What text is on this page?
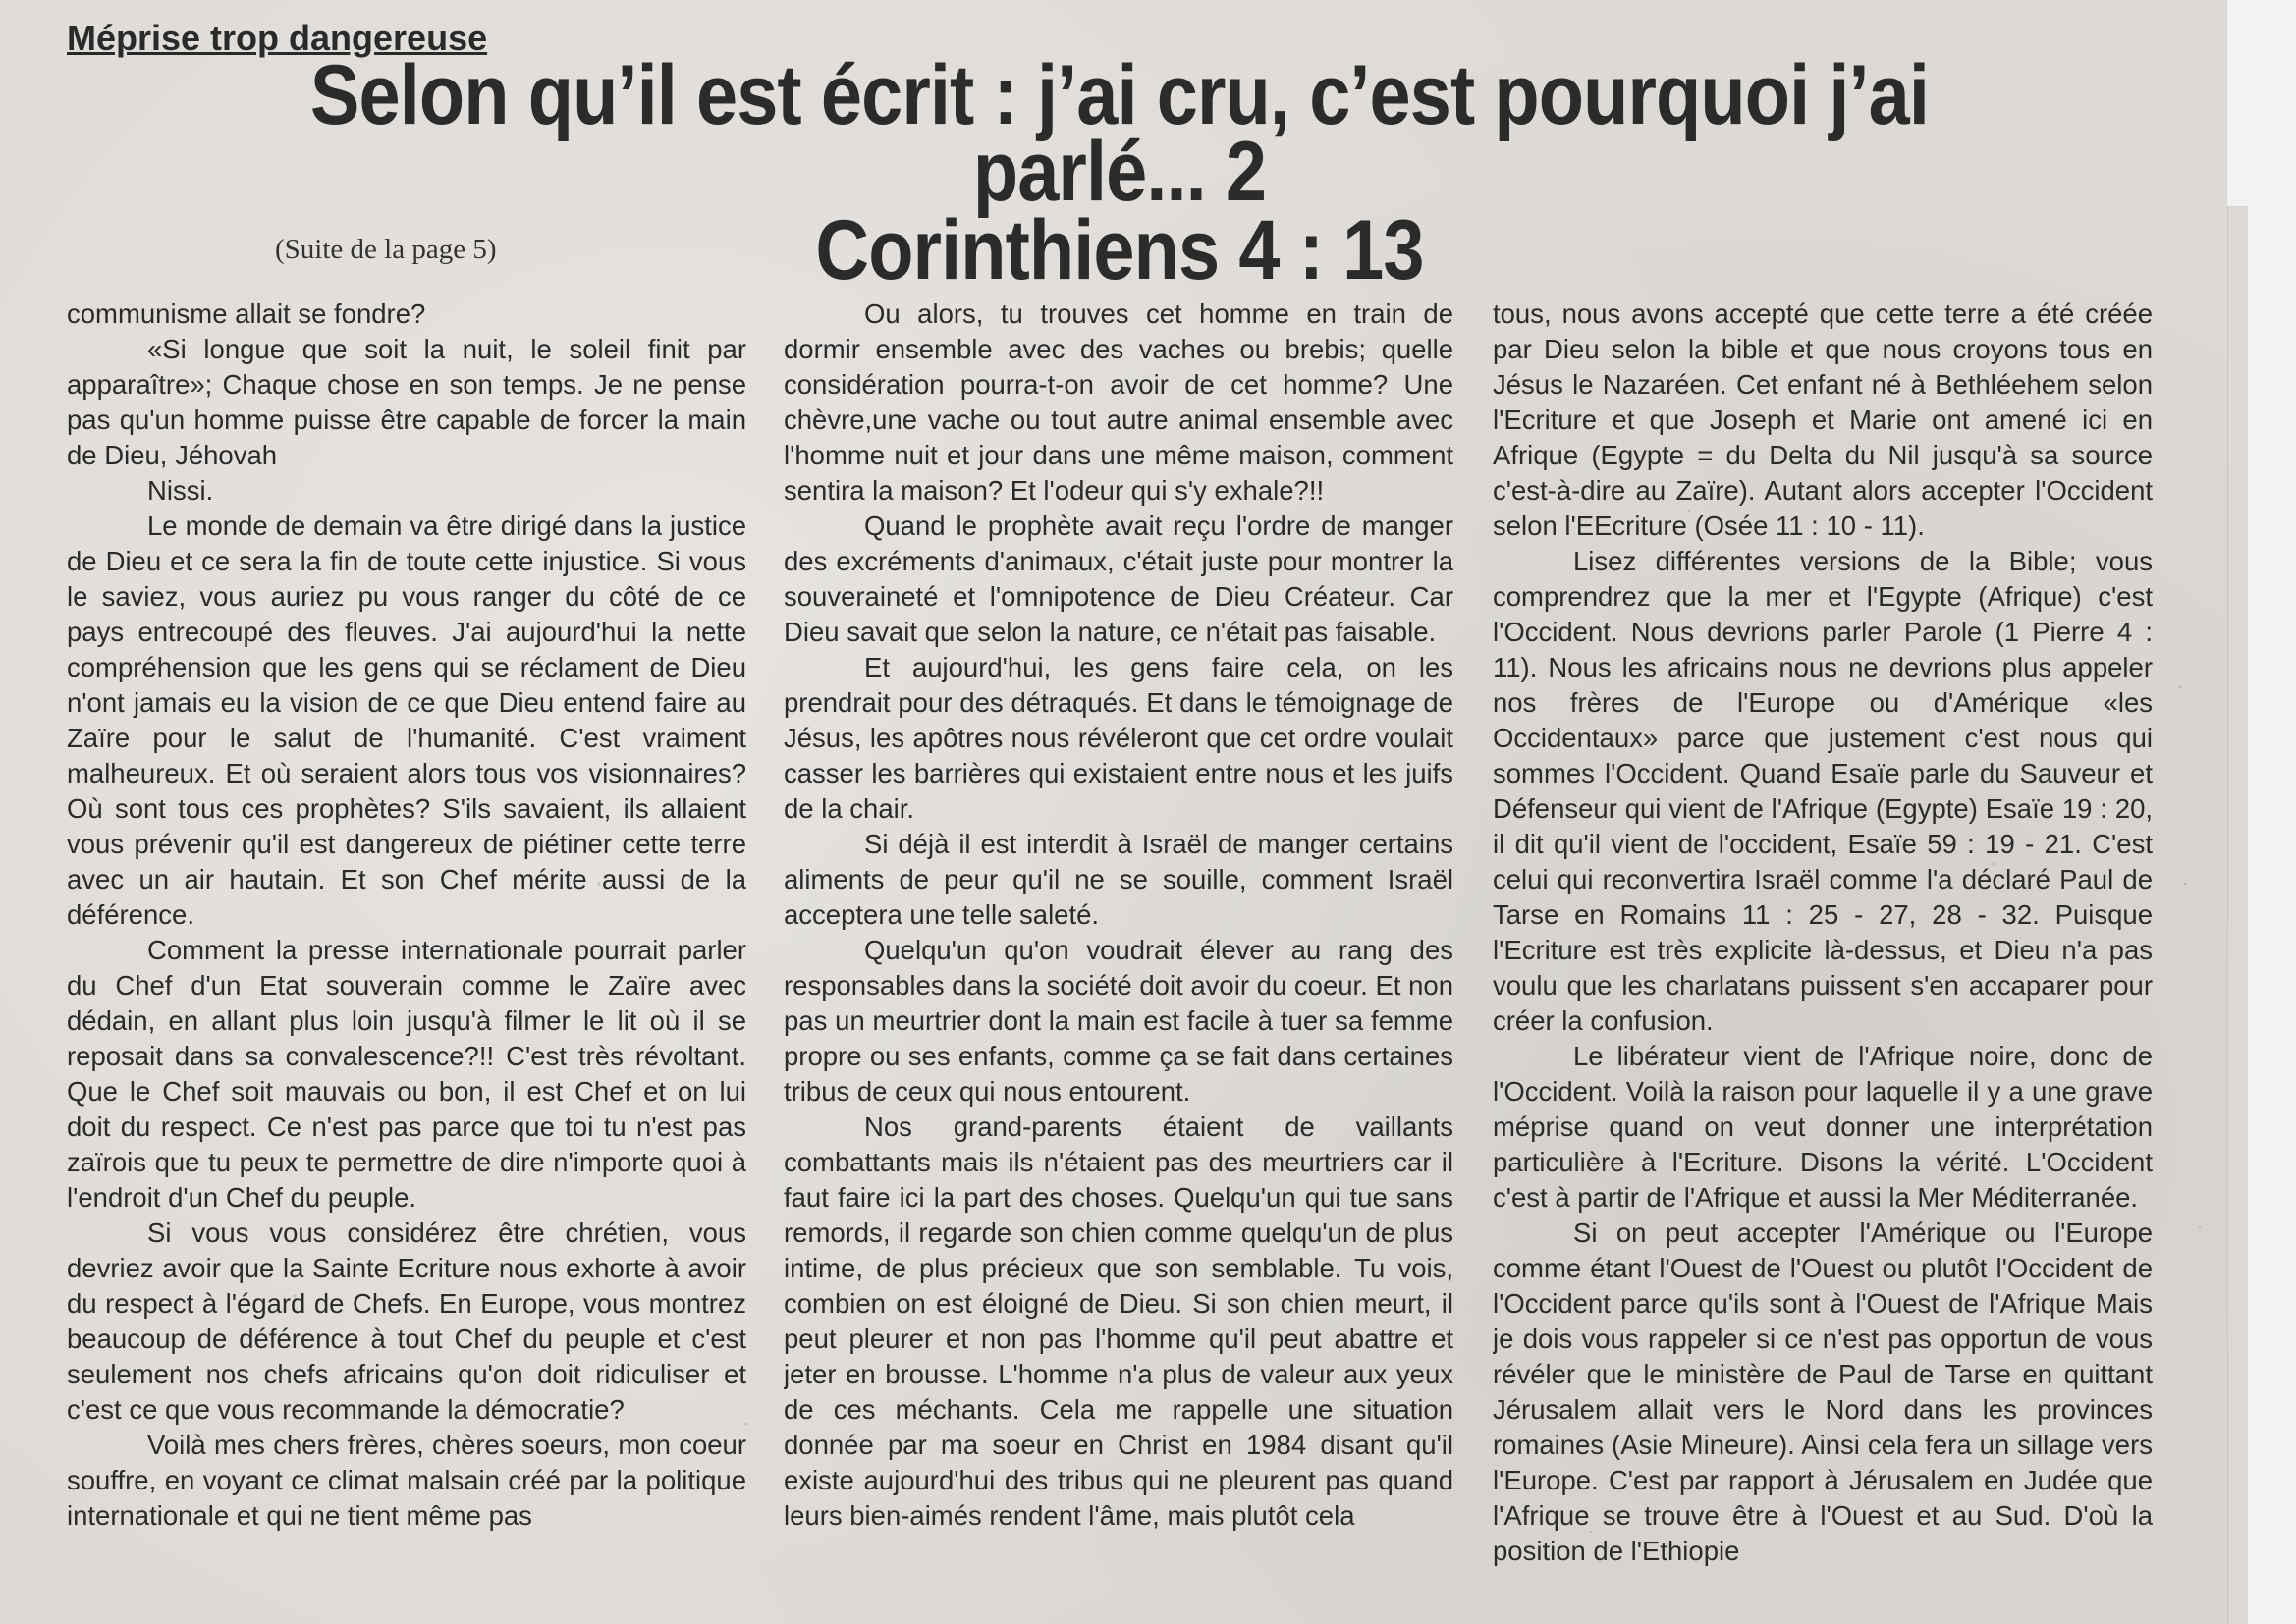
Méprise trop dangereuse
Selon qu’il est écrit : j’ai cru, c’est pourquoi j’ai parlé... 2
Corinthiens 4 : 13
(Suite de la page 5)

communisme allait se fondre?

«Si longue que soit la nuit, le soleil finit par apparaître»; Chaque chose en son temps. Je ne pense pas qu'un homme puisse être capable de forcer la main de Dieu, Jéhovah

Nissi.

Le monde de demain va être dirigé dans la justice de Dieu et ce sera la fin de toute cette injustice. Si vous le saviez, vous auriez pu vous ranger du côté de ce pays entrecoupé des fleuves. J'ai aujourd'hui la nette compréhension que les gens qui se réclament de Dieu n'ont jamais eu la vision de ce que Dieu entend faire au Zaïre pour le salut de l'humanité. C'est vraiment malheureux. Et où seraient alors tous vos visionnaires? Où sont tous ces prophètes? S'ils savaient, ils allaient vous prévenir qu'il est dangereux de piétiner cette terre avec un air hautain. Et son Chef mérite aussi de la déférence.

Comment la presse internationale pourrait parler du Chef d'un Etat souverain comme le Zaïre avec dédain, en allant plus loin jusqu'à filmer le lit où il se reposait dans sa convalescence?!! C'est très révoltant. Que le Chef soit mauvais ou bon, il est Chef et on lui doit du respect. Ce n'est pas parce que toi tu n'est pas zaïrois que tu peux te permettre de dire n'importe quoi à l'endroit d'un Chef du peuple.

Si vous vous considérez être chrétien, vous devriez avoir que la Sainte Ecriture nous exhorte à avoir du respect à l'égard de Chefs. En Europe, vous montrez beaucoup de déférence à tout Chef du peuple et c'est seulement nos chefs africains qu'on doit ridiculiser et c'est ce que vous recommande la démocratie?

Voilà mes chers frères, chères soeurs, mon coeur souffre, en voyant ce climat malsain créé par la politique internationale et qui ne tient même pas

Ou alors, tu trouves cet homme en train de dormir ensemble avec des vaches ou brebis; quelle considération pourra-t-on avoir de cet homme? Une chèvre,une vache ou tout autre animal ensemble avec l'homme nuit et jour dans une même maison, comment sentira la maison? Et l'odeur qui s'y exhale?!!

Quand le prophète avait reçu l'ordre de manger des excréments d'animaux, c'était juste pour montrer la souveraineté et l'omnipotence de Dieu Créateur. Car Dieu savait que selon la nature, ce n'était pas faisable.

Et aujourd'hui, les gens faire cela, on les prendrait pour des détraqués. Et dans le témoignage de Jésus, les apôtres nous révéleront que cet ordre voulait casser les barrières qui existaient entre nous et les juifs de la chair.

Si déjà il est interdit à Israël de manger certains aliments de peur qu'il ne se souille, comment Israël acceptera une telle saleté.

Quelqu'un qu'on voudrait élever au rang des responsables dans la société doit avoir du coeur. Et non pas un meurtrier dont la main est facile à tuer sa femme propre ou ses enfants, comme ça se fait dans certaines tribus de ceux qui nous entourent.

Nos grand-parents étaient de vaillants combattants mais ils n'étaient pas des meurtriers car il faut faire ici la part des choses. Quelqu'un qui tue sans remords, il regarde son chien comme quelqu'un de plus intime, de plus précieux que son semblable. Tu vois, combien on est éloigné de Dieu. Si son chien meurt, il peut pleurer et non pas l'homme qu'il peut abattre et jeter en brousse. L'homme n'a plus de valeur aux yeux de ces méchants. Cela me rappelle une situation donnée par ma soeur en Christ en 1984 disant qu'il existe aujourd'hui des tribus qui ne pleurent pas quand leurs bien-aimés rendent l'âme, mais plutôt cela

tous, nous avons accepté que cette terre a été créée par Dieu selon la bible et que nous croyons tous en Jésus le Nazaréen. Cet enfant né à Bethléehem selon l'Ecriture et que Joseph et Marie ont amené ici en Afrique (Egypte = du Delta du Nil jusqu'à sa source c'est-à-dire au Zaïre). Autant alors accepter l'Occident selon l'EEcriture (Osée 11 : 10 - 11).

Lisez différentes versions de la Bible; vous comprendrez que la mer et l'Egypte (Afrique) c'est l'Occident. Nous devrions parler Parole (1 Pierre 4 : 11). Nous les africains nous ne devrions plus appeler nos frères de l'Europe ou d'Amérique «les Occidentaux» parce que justement c'est nous qui sommes l'Occident. Quand Esaïe parle du Sauveur et Défenseur qui vient de l'Afrique (Egypte) Esaïe 19 : 20, il dit qu'il vient de l'occident, Esaïe 59 : 19 - 21. C'est celui qui reconvertira Israël comme l'a déclaré Paul de Tarse en Romains 11 : 25 - 27, 28 - 32. Puisque l'Ecriture est très explicite là-dessus, et Dieu n'a pas voulu que les charlatans puissent s'en accaparer pour créer la confusion.

Le libérateur vient de l'Afrique noire, donc de l'Occident. Voilà la raison pour laquelle il y a une grave méprise quand on veut donner une interprétation particulière à l'Ecriture. Disons la vérité. L'Occident c'est à partir de l'Afrique et aussi la Mer Méditerranée.

Si on peut accepter l'Amérique ou l'Europe comme étant l'Ouest de l'Ouest ou plutôt l'Occident de l'Occident parce qu'ils sont à l'Ouest de l'Afrique Mais je dois vous rappeler si ce n'est pas opportun de vous révéler que le ministère de Paul de Tarse en quittant Jérusalem allait vers le Nord dans les provinces romaines (Asie Mineure). Ainsi cela fera un sillage vers l'Europe. C'est par rapport à Jérusalem en Judée que l'Afrique se trouve être à l'Ouest et au Sud. D'où la position de l'Ethiopie
